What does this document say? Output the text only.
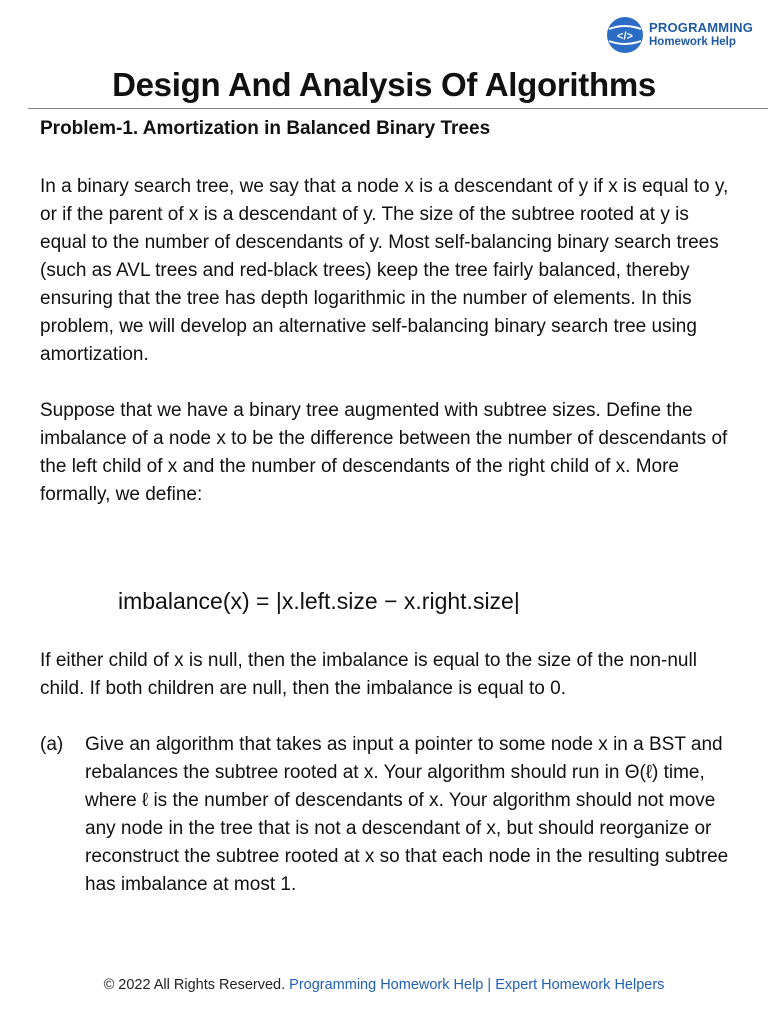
</>
PROGRAMMING
Homework Help
Design And Analysis Of Algorithms
Problem-1. Amortization in Balanced Binary Trees

In a binary search tree, we say that a node x is a descendant of y if x is equal to y, or if the parent of x is a descendant of y. The size of the subtree rooted at y is equal to the number of descendants of y. Most self-balancing binary search trees (such as AVL trees and red-black trees) keep the tree fairly balanced, thereby ensuring that the tree has depth logarithmic in the number of elements. In this problem, we will develop an alternative self-balancing binary search tree using amortization.

Suppose that we have a binary tree augmented with subtree sizes. Define the imbalance of a node x to be the difference between the number of descendants of the left child of x and the number of descendants of the right child of x. More formally, we define:

imbalance(x) = |x.left.size − x.right.size|

If either child of x is null, then the imbalance is equal to the size of the non-null child. If both children are null, then the imbalance is equal to 0.

(a)	Give an algorithm that takes as input a pointer to some node x in a BST and rebalances the subtree rooted at x. Your algorithm should run in Θ(ℓ) time, where ℓ is the number of descendants of x. Your algorithm should not move any node in the tree that is not a descendant of x, but should reorganize or reconstruct the subtree rooted at x so that each node in the resulting subtree has imbalance at most 1.
© 2022 All Rights Reserved. Programming Homework Help | Expert Homework Helpers
